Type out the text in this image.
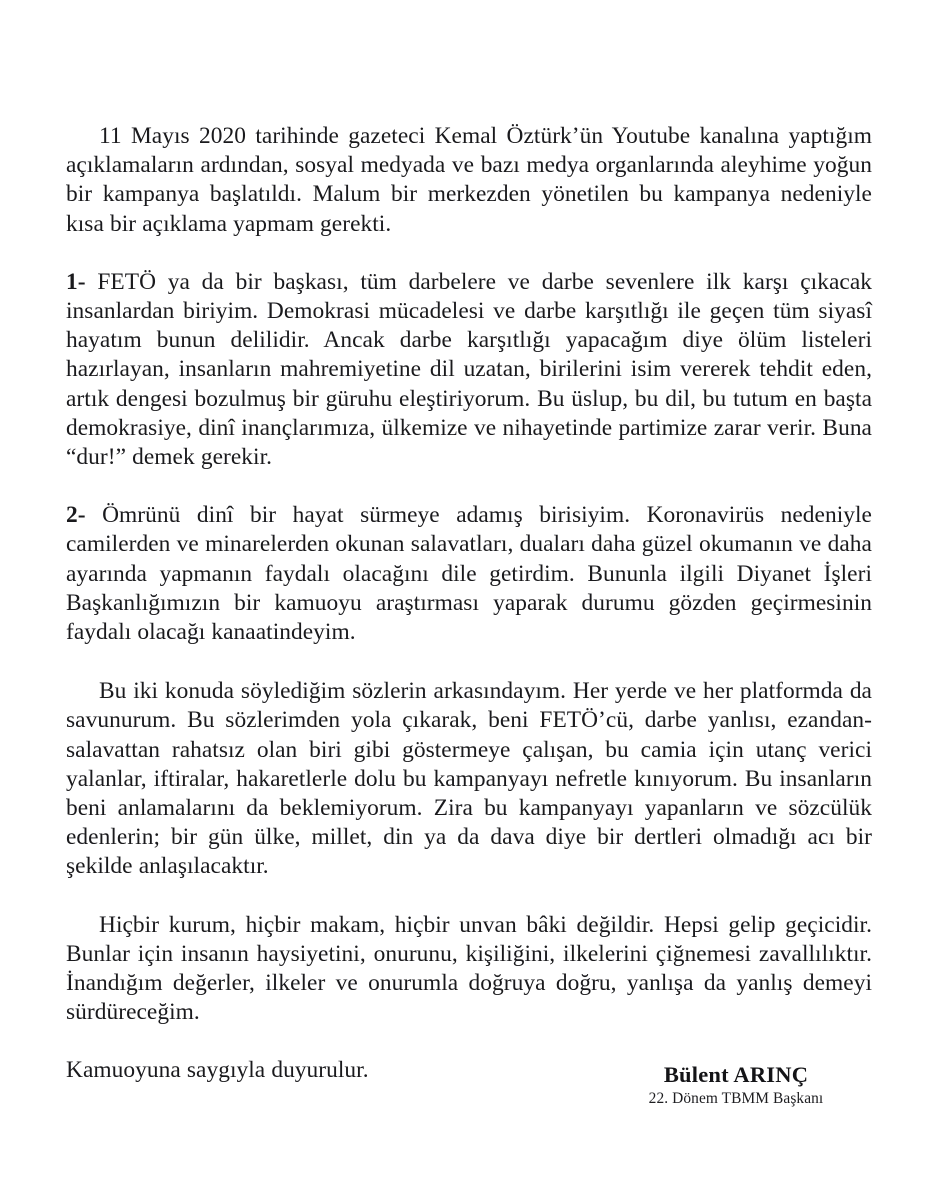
11 Mayıs 2020 tarihinde gazeteci Kemal Öztürk’ün Youtube kanalına yaptığım açıklamaların ardından, sosyal medyada ve bazı medya organlarında aleyhime yoğun bir kampanya başlatıldı. Malum bir merkezden yönetilen bu kampanya nedeniyle kısa bir açıklama yapmam gerekti.

1- FETÖ ya da bir başkası, tüm darbelere ve darbe sevenlere ilk karşı çıkacak insanlardan biriyim. Demokrasi mücadelesi ve darbe karşıtlığı ile geçen tüm siyasî hayatım bunun delilidir. Ancak darbe karşıtlığı yapacağım diye ölüm listeleri hazırlayan, insanların mahremiyetine dil uzatan, birilerini isim vererek tehdit eden, artık dengesi bozulmuş bir güruhu eleştiriyorum. Bu üslup, bu dil, bu tutum en başta demokrasiye, dinî inançlarımıza, ülkemize ve nihayetinde partimize zarar verir. Buna “dur!” demek gerekir.

2- Ömrünü dinî bir hayat sürmeye adamış birisiyim. Koronavirüs nedeniyle camilerden ve minarelerden okunan salavatları, duaları daha güzel okumanın ve daha ayarında yapmanın faydalı olacağını dile getirdim. Bununla ilgili Diyanet İşleri Başkanlığımızın bir kamuoyu araştırması yaparak durumu gözden geçirmesinin faydalı olacağı kanaatindeyim.

Bu iki konuda söylediğim sözlerin arkasındayım. Her yerde ve her platformda da savunurum. Bu sözlerimden yola çıkarak, beni FETÖ’cü, darbe yanlısı, ezandan-salavattan rahatsız olan biri gibi göstermeye çalışan, bu camia için utanç verici yalanlar, iftiralar, hakaretlerle dolu bu kampanyayı nefretle kınıyorum. Bu insanların beni anlamalarını da beklemiyorum. Zira bu kampanyayı yapanların ve sözcülük edenlerin; bir gün ülke, millet, din ya da dava diye bir dertleri olmadığı acı bir şekilde anlaşılacaktır.

Hiçbir kurum, hiçbir makam, hiçbir unvan bâki değildir. Hepsi gelip geçicidir. Bunlar için insanın haysiyetini, onurunu, kişiliğini, ilkelerini çiğnemesi zavallılıktır. İnandığım değerler, ilkeler ve onurumla doğruya doğru, yanlışa da yanlış demeyi sürdüreceğim.

Kamuoyuna saygıyla duyurulur.	Bülent ARINÇ
22. Dönem TBMM Başkanı
